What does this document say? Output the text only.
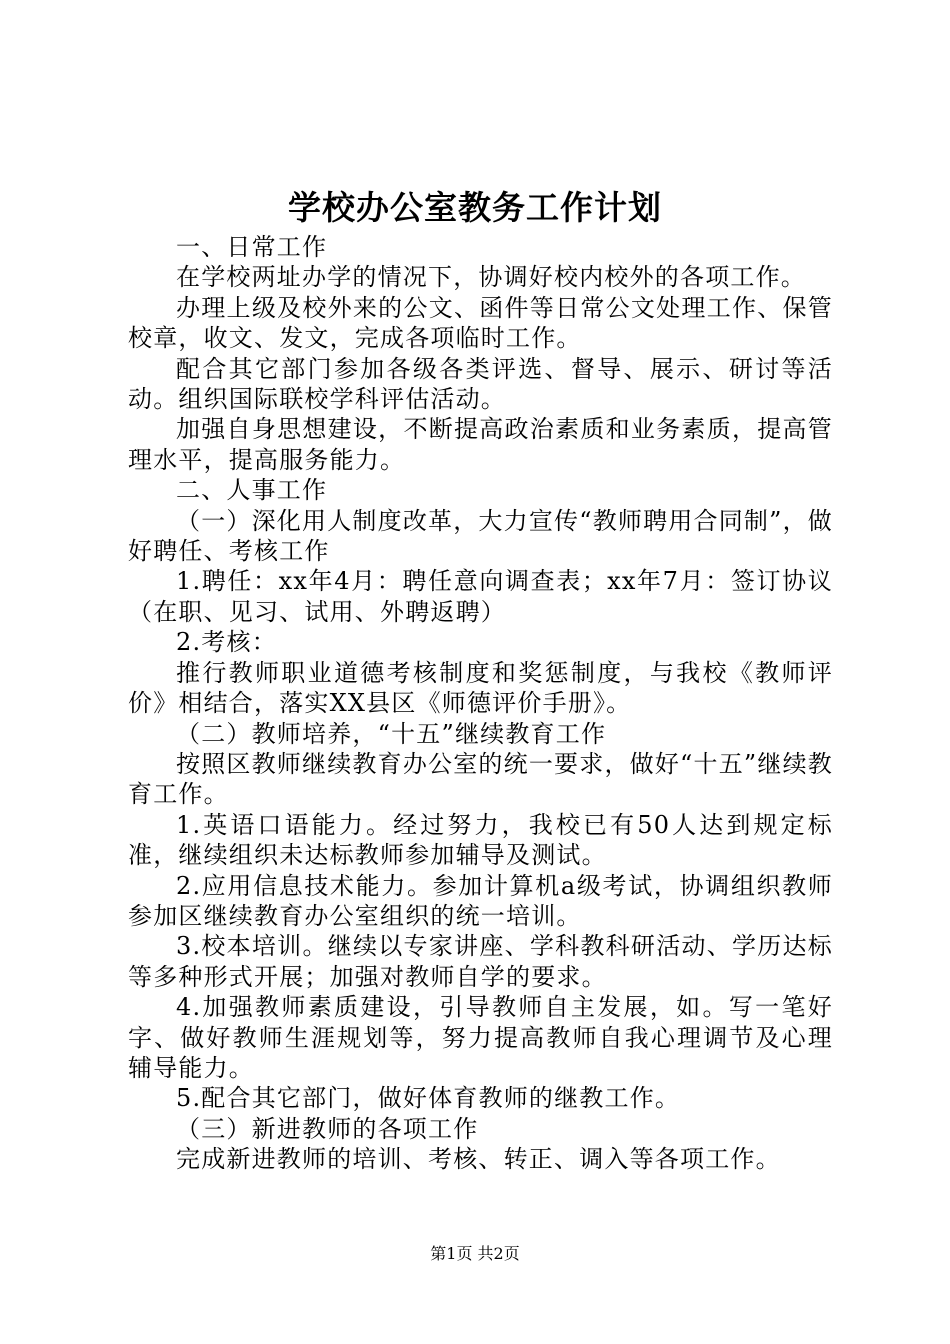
学校办公室教务工作计划

一、日常工作

在学校两址办学的情况下，协调好校内校外的各项工作。

办理上级及校外来的公文、函件等日常公文处理工作、保管校章，收文、发文，完成各项临时工作。

配合其它部门参加各级各类评选、督导、展示、研讨等活动。组织国际联校学科评估活动。

加强自身思想建设，不断提高政治素质和业务素质，提高管理水平，提高服务能力。

二、人事工作

（一）深化用人制度改革，大力宣传“教师聘用合同制”，做好聘任、考核工作

1.聘任：xx年4月：聘任意向调查表；xx年7月：签订协议（在职、见习、试用、外聘返聘）

2.考核：

推行教师职业道德考核制度和奖惩制度，与我校《教师评价》相结合，落实XX县区《师德评价手册》。

（二）教师培养，“十五”继续教育工作

按照区教师继续教育办公室的统一要求，做好“十五”继续教育工作。

1.英语口语能力。经过努力，我校已有50人达到规定标准，继续组织未达标教师参加辅导及测试。

2.应用信息技术能力。参加计算机a级考试，协调组织教师参加区继续教育办公室组织的统一培训。

3.校本培训。继续以专家讲座、学科教科研活动、学历达标等多种形式开展；加强对教师自学的要求。

4.加强教师素质建设，引导教师自主发展，如。写一笔好字、做好教师生涯规划等，努力提高教师自我心理调节及心理辅导能力。

5.配合其它部门，做好体育教师的继教工作。

（三）新进教师的各项工作

完成新进教师的培训、考核、转正、调入等各项工作。

第1页 共2页
